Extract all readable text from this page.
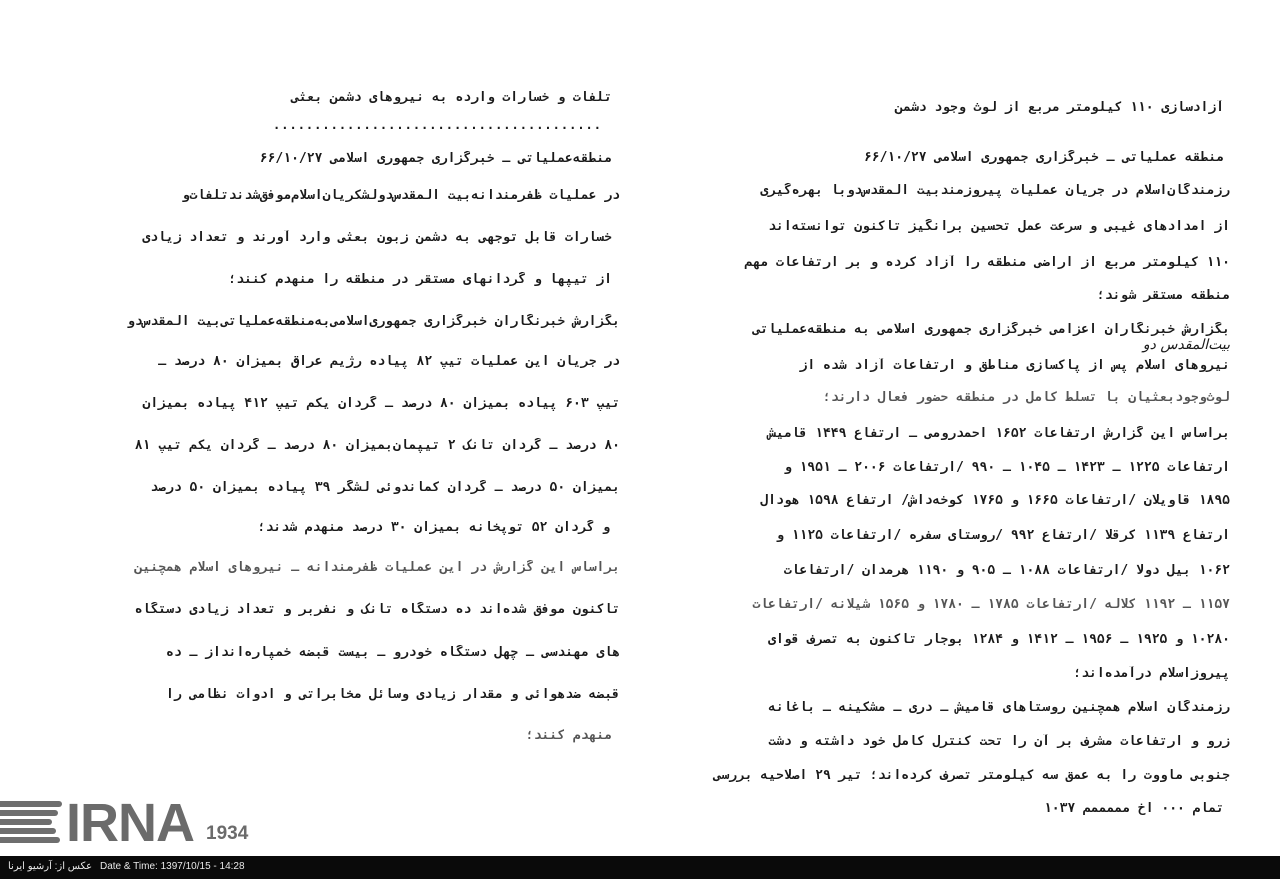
تلفات و خسارات وارده به نیروهای دشمن بعثی
........................................
منطقه‌عملیاتی ـ خبرگزاری جمهوری اسلامی ۶۶/۱۰/۲۷
در عملیات ظفرمندانه‌بیت المقدس‌دو‌لشکریان‌اسلام‌موفق‌شدند‌تلفات‌و‌
خسارات قابل توجهی به دشمن زبون بعثی وارد آورند و تعداد زیادی
از تیپها و گردانهای مستقر در منطقه را منهدم کنند؛
بگزارش خبرنگاران خبرگزاری جمهوری‌اسلامی‌به‌منطقه‌عملیاتی‌بیت المقدس‌دو
در جریان این عملیات تیپ ۸۲ پیاده رژیم عراق بمیزان ۸۰ درصد ـ
تیپ ۶۰۳ پیاده بمیزان ۸۰ درصد ـ گردان یکم تیپ ۴۱۲ پیاده بمیزان
۸۰ درصد ـ گردان تانک ۲ تیپمان‌بمیزان ۸۰ درصد ـ گردان یکم تیپ ۸۱
بمیزان ۵۰ درصد ـ گردان کماندوئی لشگر ۳۹ پیاده بمیزان ۵۰ درصد
و گردان ۵۲ توپخانه بمیزان ۳۰ درصد منهدم شدند؛
براساس این گزارش در این عملیات ظفرمندانه ـ نیروهای اسلام همچنین
تاکنون موفق شده‌اند ده دستگاه تانک و نفربر و تعداد زیادی دستگاه
های مهندسی ـ چهل دستگاه خودرو ـ بیست قبضه خمپاره‌انداز ـ ده
قبضه ضدهوائی و مقدار زیادی وسائل مخابراتی و ادوات نظامی را
منهدم کنند؛
آزادسازی ۱۱۰ کیلومتر مربع از لوث وجود دشمن
منطقه عملیاتی ـ خبرگزاری جمهوری اسلامی ۶۶/۱۰/۲۷
رزمندگان‌اسلام در جریان عملیات پیروزمندبیت المقدس‌دوبا بهره‌گیری
از امدادهای غیبی و سرعت عمل تحسین برانگیز تاکنون توانسته‌اند
۱۱۰ کیلومتر مربع از اراضی منطقه را آزاد کرده و بر ارتفاعات مهم
منطقه مستقر شوند؛
بگزارش خبرنگاران اعزامی خبرگزاری جمهوری اسلامی به منطقه‌عملیاتی
بیت‌المقدس دو
نیروهای اسلام پس از پاکسازی مناطق و ارتفاعات آزاد شده از
لوث‌وجود‌بعثیان با تسلط کامل در منطقه حضور فعال دارند؛
براساس این گزارش ارتفاعات ۱۶۵۲ احمدرومی ـ ارتفاع ۱۴۴۹ قامیش
ارتفاعات ۱۲۲۵ ـ ۱۴۲۳ ـ ۱۰۴۵ ـ ۹۹۰ /ارتفاعات ۲۰۰۶ ـ ۱۹۵۱ و
۱۸۹۵ قاویلان /ارتفاعات ۱۶۶۵ و ۱۷۶۵ کوخه‌داش/ ارتفاع ۱۵۹۸ هودال
ارتفاع ۱۱۳۹ کرقلا /ارتفاع ۹۹۲ /روستای سفره /ارتفاعات ۱۱۲۵ و
۱۰۶۲ بیل دولا /ارتفاعات ۱۰۸۸ ـ ۹۰۵ و ۱۱۹۰ هرمدان /ارتفاعات
۱۱۵۷ ـ ۱۱۹۲ کلاله /ارتفاعات ۱۷۸۵ ـ ۱۷۸۰ و ۱۵۶۵ شیلانه /ارتفاعات
۱۰۲۸۰ و ۱۹۲۵ ـ ۱۹۵۶ ـ ۱۴۱۲ و ۱۲۸۴ بوجار تاکنون به تصرف قوای
پیروزاسلام درآمده‌اند؛
رزمندگان اسلام همچنین روستاهای قامیش ـ دری ـ مشکینه ـ باغانه
زرو و ارتفاعات مشرف بر آن را تحت کنترل کامل خود داشته و دشت
جنوبی ماووت را به عمق سه کیلومتر تصرف کرده‌اند؛ تیر ۲۹ اصلاحیه بررسی
تمام ۰۰۰ اخ مممممم ۱۰۳۷
IRNA 1934
عکس از: آرشیو ایرنا Date & Time: 1397/10/15 - 14:28
